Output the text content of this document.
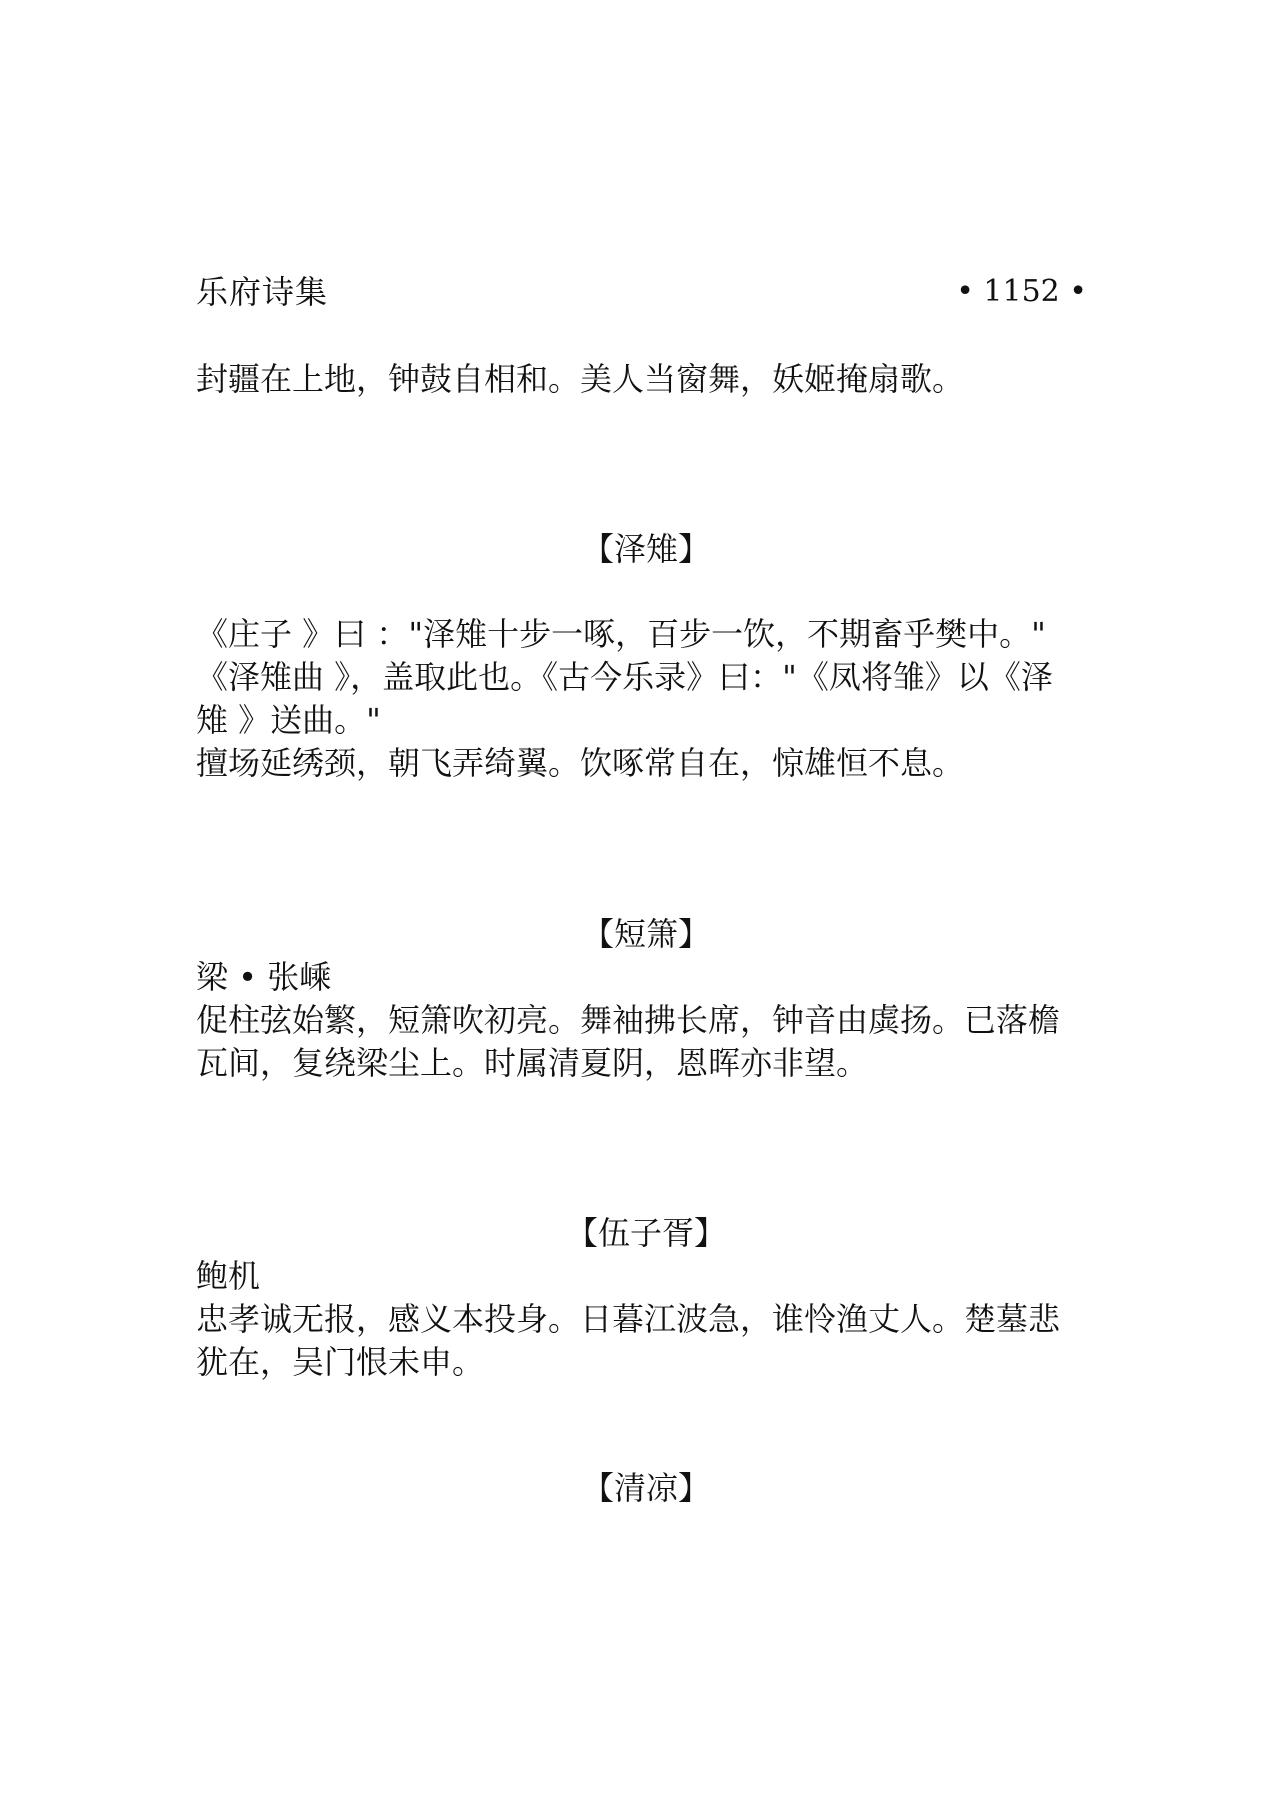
乐府诗集	• 1152 •
封疆在上地，钟鼓自相和。美人当窗舞，妖姬掩扇歌。
【泽雉】
《庄子 》曰 ："泽雉十步一啄，百步一饮，不期畜乎樊中。"
《泽雉曲 》，盖取此也。《古今乐录》曰："《凤将雏》以《泽
雉 》送曲。"
擅场延绣颈，朝飞弄绮翼。饮啄常自在，惊雄恒不息。
【短箫】
梁 • 张嵊
促柱弦始繁，短箫吹初亮。舞袖拂长席，钟音由虡扬。已落檐
瓦间，复绕梁尘上。时属清夏阴，恩晖亦非望。
【伍子胥】
鲍机
忠孝诚无报，感义本投身。日暮江波急，谁怜渔丈人。楚墓悲
犹在，吴门恨未申。
【清凉】
